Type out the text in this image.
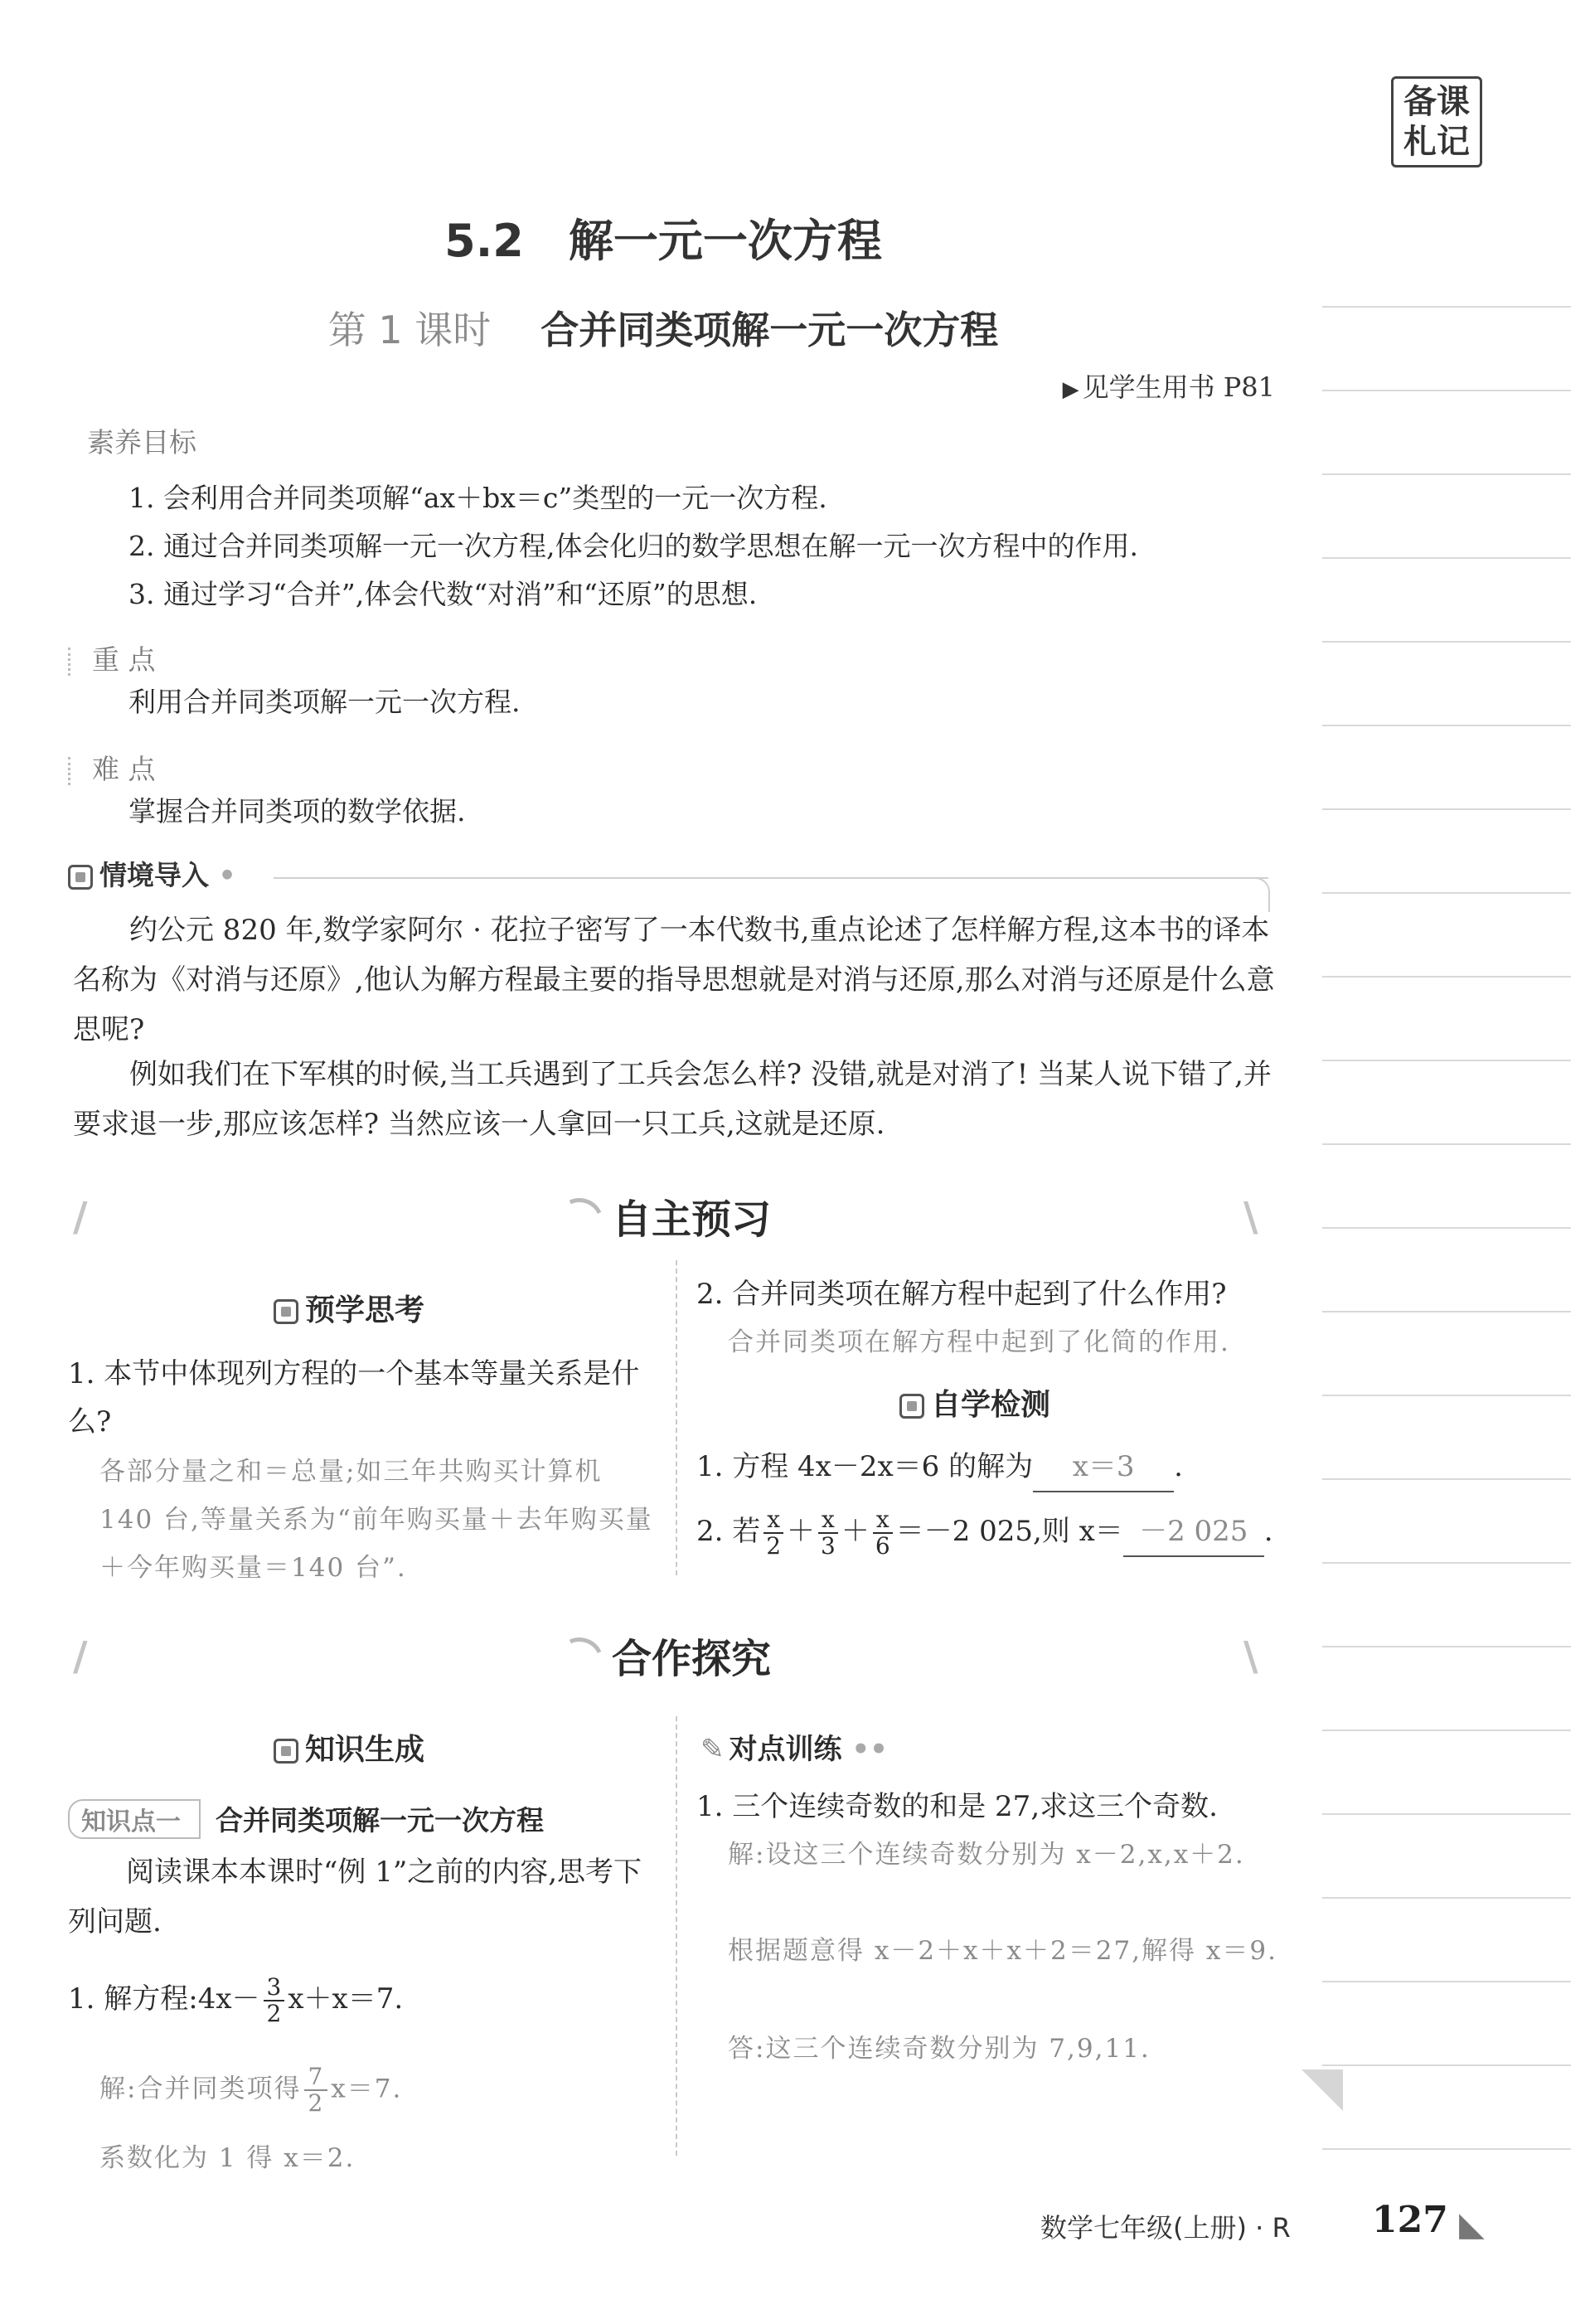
备课
札记
5.2　解一元一次方程
第 1 课时 合并同类项解一元一次方程
▶ 见学生用书 P81
素养目标
1. 会利用合并同类项解“ax＋bx＝c”类型的一元一次方程.
2. 通过合并同类项解一元一次方程,体会化归的数学思想在解一元一次方程中的作用.
3. 通过学习“合并”,体会代数“对消”和“还原”的思想.
重 点
利用合并同类项解一元一次方程.
难 点
掌握合并同类项的数学依据.
情境导入 •
约公元 820 年,数学家阿尔 · 花拉子密写了一本代数书,重点论述了怎样解方程,这本书的译本名称为《对消与还原》,他认为解方程最主要的指导思想就是对消与还原,那么对消与还原是什么意思呢?
例如我们在下军棋的时候,当工兵遇到了工兵会怎么样? 没错,就是对消了! 当某人说下错了,并要求退一步,那应该怎样? 当然应该一人拿回一只工兵,这就是还原.
/	\
自主预习
预学思考
1. 本节中体现列方程的一个基本等量关系是什么?
各部分量之和＝总量;如三年共购买计算机 140 台,等量关系为“前年购买量＋去年购买量＋今年购买量＝140 台”.
2. 合并同类项在解方程中起到了什么作用?
合并同类项在解方程中起到了化简的作用.
自学检测
1. 方程 4x－2x＝6 的解为 x＝3 .
2. 若 $\frac{x}{2} + \frac{x}{3} + \frac{x}{6} =-2$ 025,则 x＝ －2 025 .
/	\
合作探究
知识生成
知识点一 合并同类项解一元一次方程
阅读课本本课时“例 1”之前的内容,思考下列问题.
1. 解方程:4x－ $\frac{3}{2} x+x=7$.
解:合并同类项得 $\frac{7}{2} x=7$.
系数化为 1 得 x＝2.
✎ 对点训练 ••
1. 三个连续奇数的和是 27,求这三个奇数.
解:设这三个连续奇数分别为 x－2,x,x＋2.
根据题意得 x－2＋x＋x＋2＝27,解得 x＝9.
答:这三个连续奇数分别为 7,9,11.
数学七年级(上册) · R 127 ◣
